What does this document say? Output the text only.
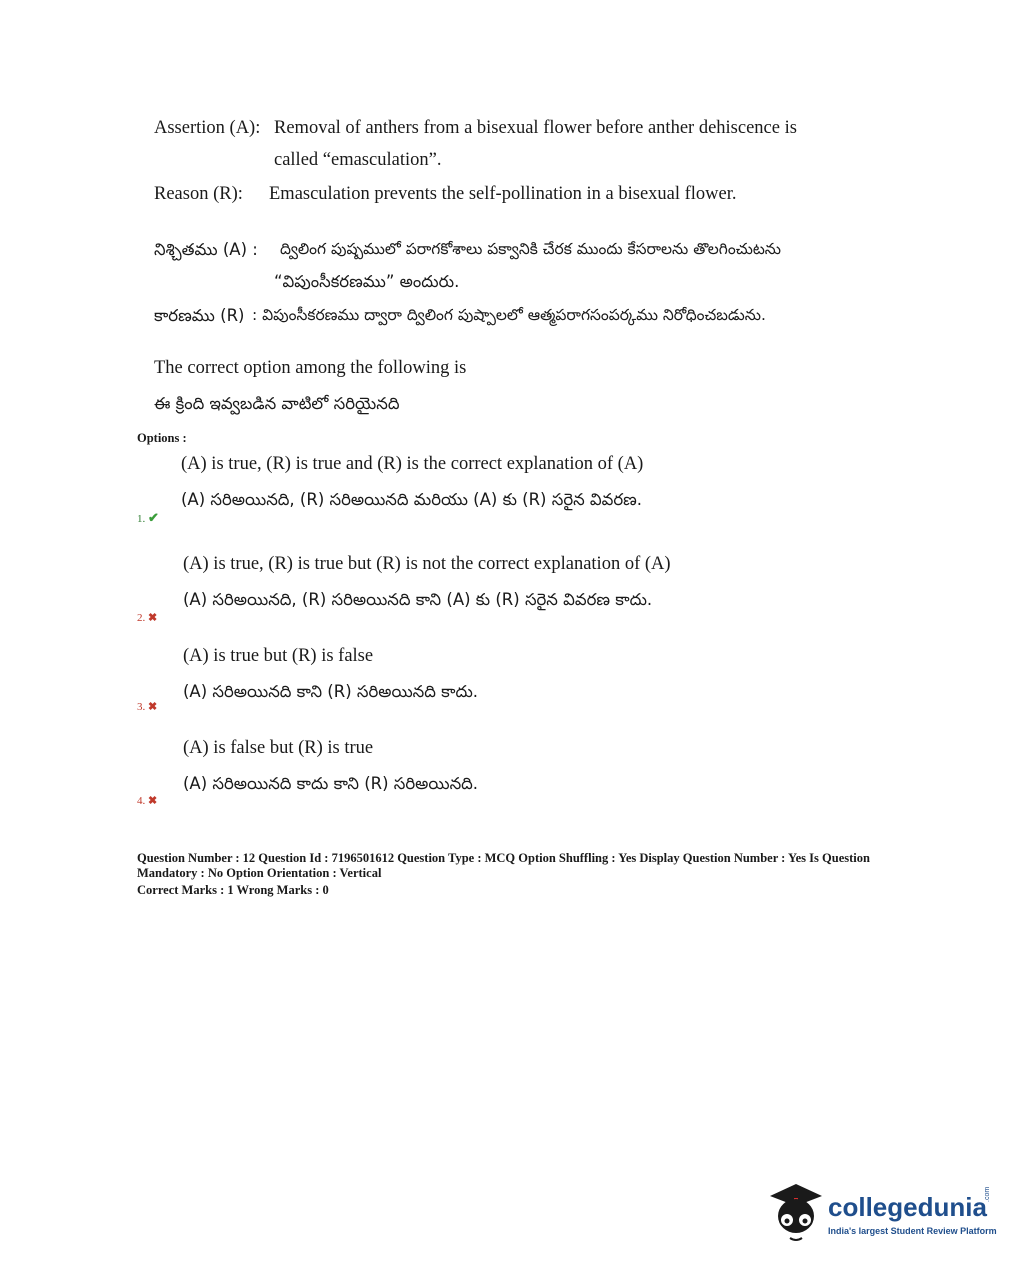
Assertion (A): Removal of anthers from a bisexual flower before anther dehiscence is
called “emasculation”.
Reason (R): Emasculation prevents the self-pollination in a bisexual flower.
నిశ్చితము (A) : ద్విలింగ పుష్పములో పరాగకోశాలు పక్వానికి చేరక ముందు కేసరాలను తొలగించుటను
“విపుంసీకరణము” అందురు.
కారణము (R) : విపుంసీకరణము ద్వారా ద్విలింగ పుష్పాలలో ఆత్మపరాగసంపర్కము నిరోధించబడును.
The correct option among the following is
ఈ క్రింది ఇవ్వబడిన వాటిలో సరియైనది
Options :
(A) is true, (R) is true and (R) is the correct explanation of (A)
(A) సరిఅయినది, (R) సరిఅయినది మరియు (A) కు (R) సరైన వివరణ.
1. ✔
(A) is true, (R) is true but (R) is not the correct explanation of (A)
(A) సరిఅయినది, (R) సరిఅయినది కాని (A) కు (R) సరైన వివరణ కాదు.
2. ✖
(A) is true but (R) is false
(A) సరిఅయినది కాని (R) సరిఅయినది కాదు.
3. ✖
(A) is false but (R) is true
(A) సరిఅయినది కాదు కాని (R) సరిఅయినది.
4. ✖
Question Number : 12 Question Id : 7196501612 Question Type : MCQ Option Shuffling : Yes Display Question Number : Yes Is Question
Mandatory : No Option Orientation : Vertical
Correct Marks : 1 Wrong Marks : 0
collegedunia
.com
India's largest Student Review Platform
